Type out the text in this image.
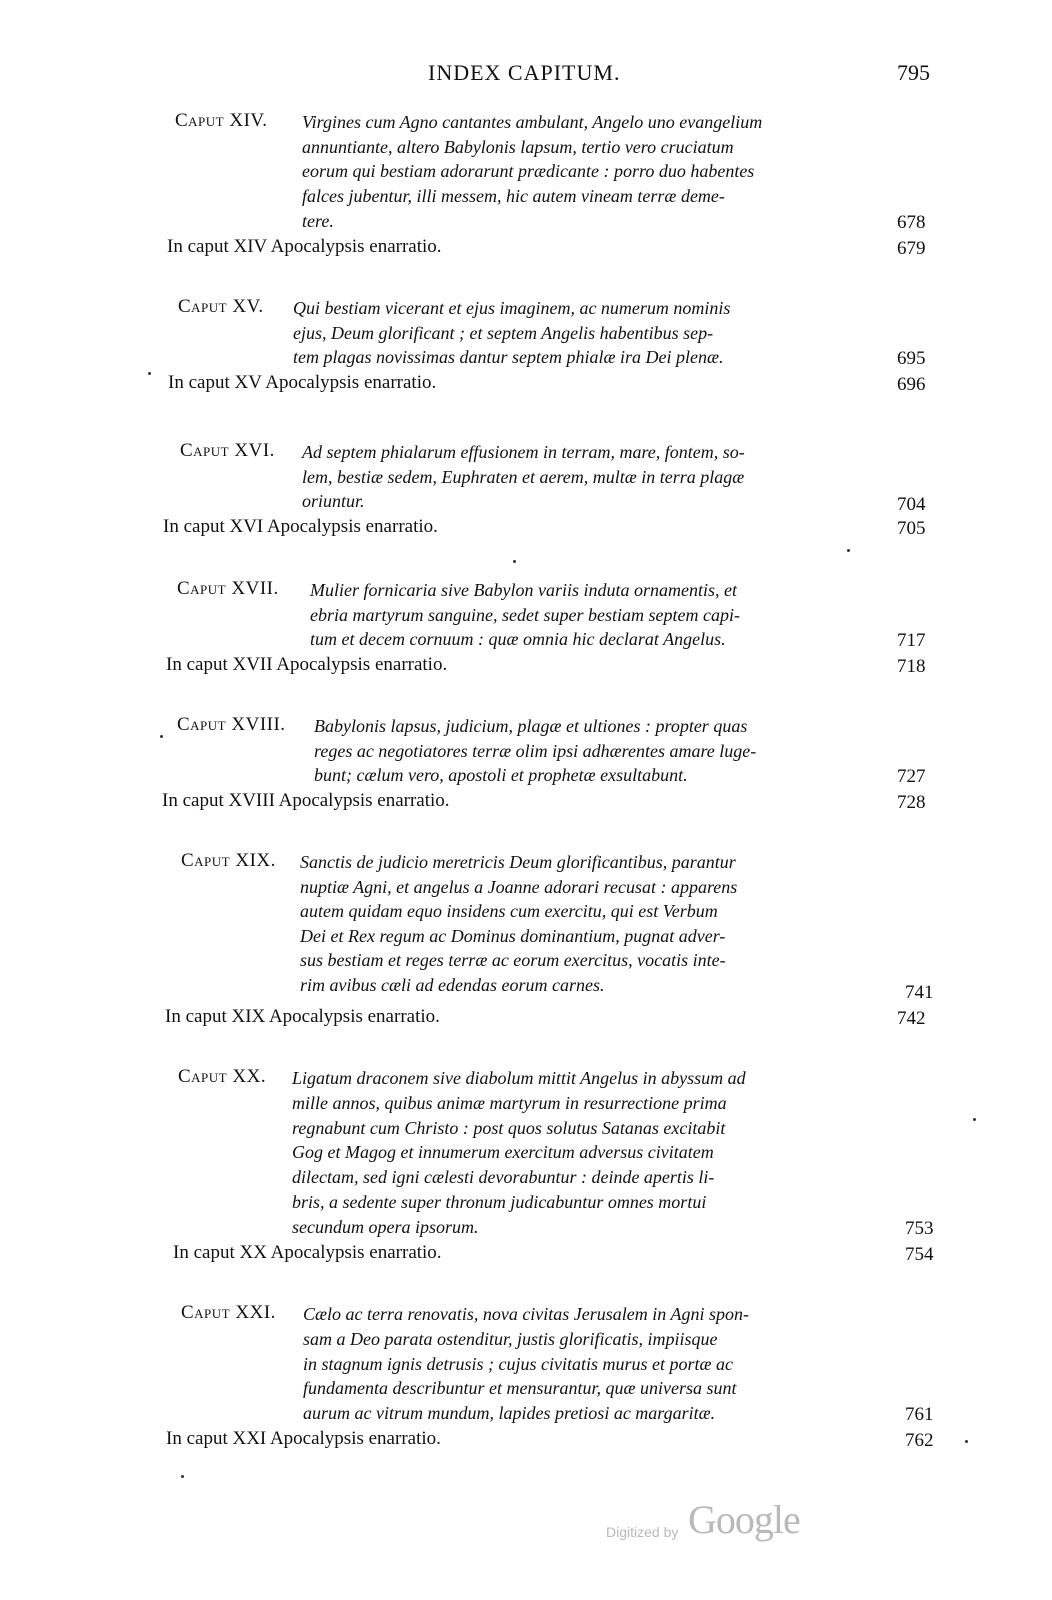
INDEX CAPITUM.	795
Caput XIV. Virgines cum Agno cantantes ambulant, Angelo uno evangelium
annuntiante, altero Babylonis lapsum, tertio vero cruciatum
eorum qui bestiam adorarunt prædicante : porro duo habentes
falces jubentur, illi messem, hic autem vineam terræ deme-
tere.	678
In caput XIV Apocalypsis enarratio.	679
Caput XV. Qui bestiam vicerant et ejus imaginem, ac numerum nominis
ejus, Deum glorificant ; et septem Angelis habentibus sep-
tem plagas novissimas dantur septem phialæ ira Dei plenæ.	695
In caput XV Apocalypsis enarratio.	696
Caput XVI. Ad septem phialarum effusionem in terram, mare, fontem, so-
lem, bestiæ sedem, Euphraten et aerem, multæ in terra plagæ
oriuntur.	704
In caput XVI Apocalypsis enarratio.	705
Caput XVII. Mulier fornicaria sive Babylon variis induta ornamentis, et
ebria martyrum sanguine, sedet super bestiam septem capi-
tum et decem cornuum : quæ omnia hic declarat Angelus.	717
In caput XVII Apocalypsis enarratio.	718
Caput XVIII. Babylonis lapsus, judicium, plagæ et ultiones : propter quas
reges ac negotiatores terræ olim ipsi adhærentes amare luge-
bunt; cælum vero, apostoli et prophetæ exsultabunt.	727
In caput XVIII Apocalypsis enarratio.	728
Caput XIX. Sanctis de judicio meretricis Deum glorificantibus, parantur
nuptiæ Agni, et angelus a Joanne adorari recusat : apparens
autem quidam equo insidens cum exercitu, qui est Verbum
Dei et Rex regum ac Dominus dominantium, pugnat adver-
sus bestiam et reges terræ ac eorum exercitus, vocatis inte-
rim avibus cæli ad edendas eorum carnes.	741
In caput XIX Apocalypsis enarratio.	742
Caput XX. Ligatum draconem sive diabolum mittit Angelus in abyssum ad
mille annos, quibus animæ martyrum in resurrectione prima
regnabunt cum Christo : post quos solutus Satanas excitabit
Gog et Magog et innumerum exercitum adversus civitatem
dilectam, sed igni cælesti devorabuntur : deinde apertis li-
bris, a sedente super thronum judicabuntur omnes mortui
secundum opera ipsorum.	753
In caput XX Apocalypsis enarratio.	754
Caput XXI. Cælo ac terra renovatis, nova civitas Jerusalem in Agni spon-
sam a Deo parata ostenditur, justis glorificatis, impiisque
in stagnum ignis detrusis ; cujus civitatis murus et portæ ac
fundamenta describuntur et mensurantur, quæ universa sunt
aurum ac vitrum mundum, lapides pretiosi ac margaritæ.	761
In caput XXI Apocalypsis enarratio.	762
Digitized by Google
